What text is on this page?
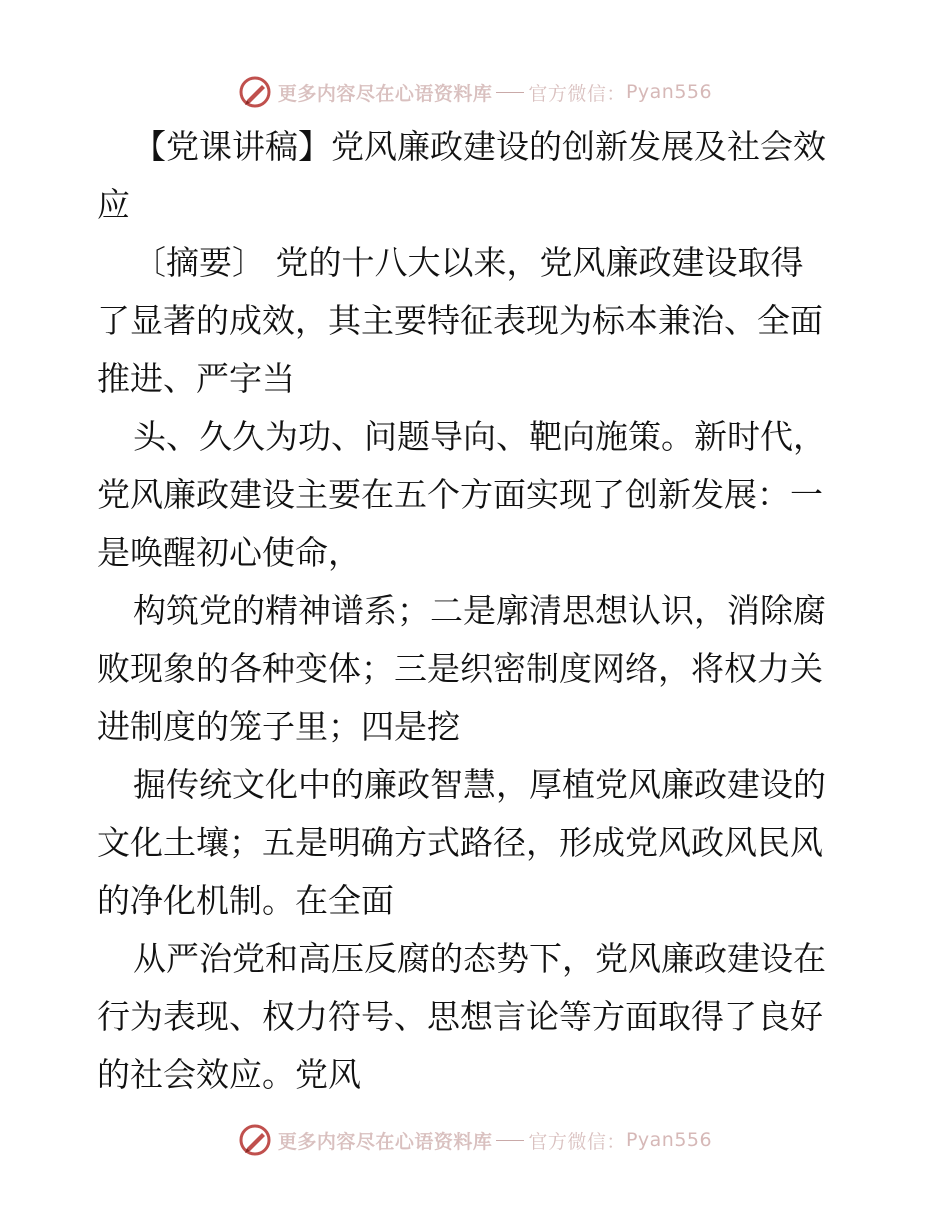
更多内容尽在心语资料库 官方微信： Pyan556
【党课讲稿】党风廉政建设的创新发展及社会效
应
〔摘要〕 党的十八大以来，党风廉政建设取得
了显著的成效，其主要特征表现为标本兼治、全面
推进、严字当
头、久久为功、问题导向、靶向施策。新时代，
党风廉政建设主要在五个方面实现了创新发展：一
是唤醒初心使命，
构筑党的精神谱系；二是廓清思想认识，消除腐
败现象的各种变体；三是织密制度网络，将权力关
进制度的笼子里；四是挖
掘传统文化中的廉政智慧，厚植党风廉政建设的
文化土壤；五是明确方式路径，形成党风政风民风
的净化机制。在全面
从严治党和高压反腐的态势下，党风廉政建设在
行为表现、权力符号、思想言论等方面取得了良好
的社会效应。党风
更多内容尽在心语资料库 官方微信： Pyan556
